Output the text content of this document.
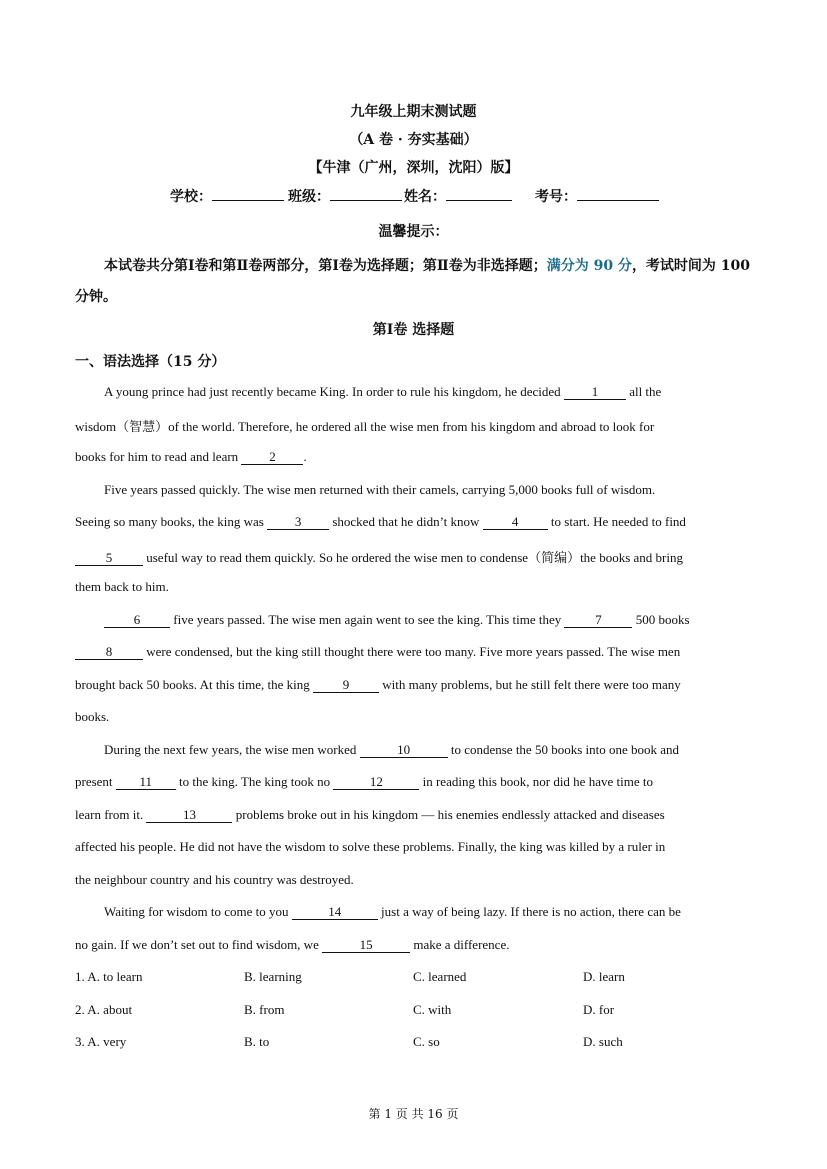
九年级上期末测试题
（A 卷 · 夯实基础）
【牛津（广州，深圳，沈阳）版】
学校：	班级：	姓名：	考号：
温馨提示：
本试卷共分第Ⅰ卷和第Ⅱ卷两部分，第Ⅰ卷为选择题；第Ⅱ卷为非选择题；满分为 90 分，考试时间为 100
分钟。
第Ⅰ卷 选择题
一、语法选择（15 分）
A young prince had just recently became King. In order to rule his kingdom, he decided 1 all the
wisdom（智慧）of the world. Therefore, he ordered all the wise men from his kingdom and abroad to look for
books for him to read and learn 2 .
Five years passed quickly. The wise men returned with their camels, carrying 5,000 books full of wisdom.
Seeing so many books, the king was 3 shocked that he didn’t know 4 to start. He needed to find
5 useful way to read them quickly. So he ordered the wise men to condense（简编）the books and bring
them back to him.
6 five years passed. The wise men again went to see the king. This time they 7 500 books
8 were condensed, but the king still thought there were too many. Five more years passed. The wise men
brought back 50 books. At this time, the king 9 with many problems, but he still felt there were too many
books.
During the next few years, the wise men worked	10	to condense the 50 books into one book and
present 11 to the king. The king took no	12	in reading this book, nor did he have time to
learn from it.	13	problems broke out in his kingdom — his enemies endlessly attacked and diseases
affected his people. He did not have the wisdom to solve these problems. Finally, the king was killed by a ruler in
the neighbour country and his country was destroyed.
Waiting for wisdom to come to you	14	just a way of being lazy. If there is no action, there can be
no gain. If we don’t set out to find wisdom, we	15	make a difference.
1. A. to learn	B. learning	C. learned	D. learn
2. A. about	B. from	C. with	D. for
3. A. very	B. to	C. so	D. such
第 1 页 共 16 页
